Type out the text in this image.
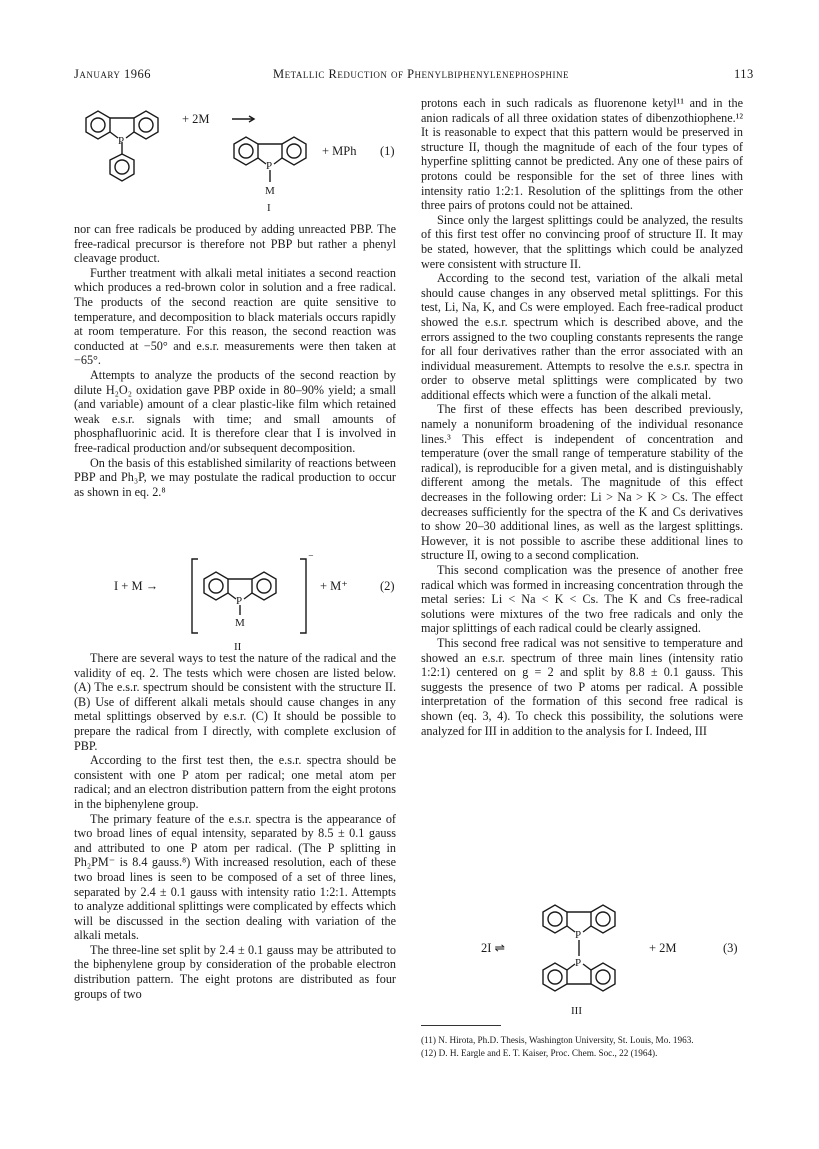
January 1966	Metallic Reduction of Phenylbiphenylenephosphine	113
P
+ 2M
P
M
I
+ MPh (1)

nor can free radicals be produced by adding unreacted PBP. The free-radical precursor is therefore not PBP but rather a phenyl cleavage product.

Further treatment with alkali metal initiates a second reaction which produces a red-brown color in solution and a free radical. The products of the second reaction are quite sensitive to temperature, and decomposition to black materials occurs rapidly at room temperature. For this reason, the second reaction was conducted at −50° and e.s.r. measurements were then taken at −65°.

Attempts to analyze the products of the second reaction by dilute H₂O₂ oxidation gave PBP oxide in 80–90% yield; a small (and variable) amount of a clear plastic-like film which retained weak e.s.r. signals with time; and small amounts of phosphafluorinic acid. It is therefore clear that I is involved in free-radical production and/or subsequent decomposition.

On the basis of this established similarity of reactions between PBP and Ph₃P, we may postulate the radical production to occur as shown in eq. 2.⁸

I + M →
P
M
⁻
II
+ M⁺	(2)

There are several ways to test the nature of the radical and the validity of eq. 2. The tests which were chosen are listed below. (A) The e.s.r. spectrum should be consistent with the structure II. (B) Use of different alkali metals should cause changes in any metal splittings observed by e.s.r. (C) It should be possible to prepare the radical from I directly, with complete exclusion of PBP.

According to the first test then, the e.s.r. spectra should be consistent with one P atom per radical; one metal atom per radical; and an electron distribution pattern from the eight protons in the biphenylene group.

The primary feature of the e.s.r. spectra is the appearance of two broad lines of equal intensity, separated by 8.5 ± 0.1 gauss and attributed to one P atom per radical. (The P splitting in Ph₂PM⁻ is 8.4 gauss.⁸) With increased resolution, each of these two broad lines is seen to be composed of a set of three lines, separated by 2.4 ± 0.1 gauss with intensity ratio 1:2:1. Attempts to analyze additional splittings were complicated by effects which will be discussed in the section dealing with variation of the alkali metals.

The three-line set split by 2.4 ± 0.1 gauss may be attributed to the biphenylene group by consideration of the probable electron distribution pattern. The eight protons are distributed as four groups of two

protons each in such radicals as fluorenone ketyl¹¹ and in the anion radicals of all three oxidation states of dibenzothiophene.¹² It is reasonable to expect that this pattern would be preserved in structure II, though the magnitude of each of the four types of hyperfine splitting cannot be predicted. Any one of these pairs of protons could be responsible for the set of three lines with intensity ratio 1:2:1. Resolution of the splittings from the other three pairs of protons could not be attained.

Since only the largest splittings could be analyzed, the results of this first test offer no convincing proof of structure II. It may be stated, however, that the splittings which could be analyzed were consistent with structure II.

According to the second test, variation of the alkali metal should cause changes in any observed metal splittings. For this test, Li, Na, K, and Cs were employed. Each free-radical product showed the e.s.r. spectrum which is described above, and the errors assigned to the two coupling constants represents the range for all four derivatives rather than the error associated with an individual measurement. Attempts to resolve the e.s.r. spectra in order to observe metal splittings were complicated by two additional effects which were a function of the alkali metal.

The first of these effects has been described previously, namely a nonuniform broadening of the individual resonance lines.³ This effect is independent of concentration and temperature (over the small range of temperature stability of the radical), is reproducible for a given metal, and is distinguishably different among the metals. The magnitude of this effect decreases in the following order: Li > Na > K > Cs. The effect decreases sufficiently for the spectra of the K and Cs derivatives to show 20–30 additional lines, as well as the largest splittings. However, it is not possible to ascribe these additional lines to structure II, owing to a second complication.

This second complication was the presence of another free radical which was formed in increasing concentration through the metal series: Li < Na < K < Cs. The K and Cs free-radical solutions were mixtures of the two free radicals and only the major splittings of each radical could be clearly assigned.

This second free radical was not sensitive to temperature and showed an e.s.r. spectrum of three main lines (intensity ratio 1:2:1) centered on g = 2 and split by 8.8 ± 0.1 gauss. This suggests the presence of two P atoms per radical. A possible interpretation of the formation of this second free radical is shown (eq. 3, 4). To check this possibility, the solutions were analyzed for III in addition to the analysis for I. Indeed, III

P
P
2I ⇌	+ 2M	(3)
III
(11) N. Hirota, Ph.D. Thesis, Washington University, St. Louis, Mo. 1963.
(12) D. H. Eargle and E. T. Kaiser, Proc. Chem. Soc., 22 (1964).
